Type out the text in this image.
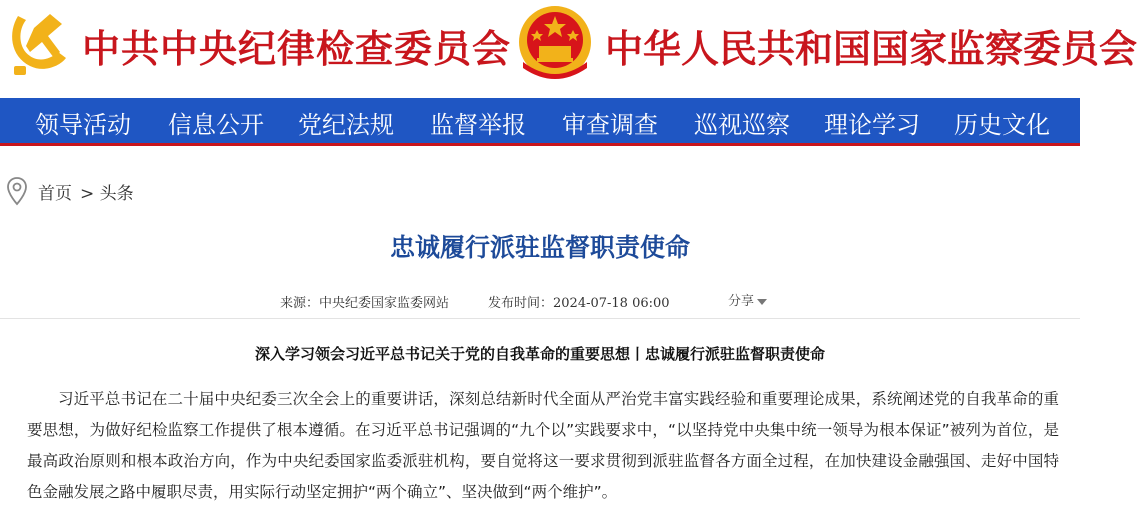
中共中央纪律检查委员会 中华人民共和国国家监察委员会
领导活动 信息公开 党纪法规 监督举报 审查调查 巡视巡察 理论学习 历史文化
首页 > 头条
忠诚履行派驻监督职责使命
来源：中央纪委国家监委网站	发布时间：2024-07-18 06:00	分享
深入学习领会习近平总书记关于党的自我革命的重要思想丨忠诚履行派驻监督职责使命

习近平总书记在二十届中央纪委三次全会上的重要讲话，深刻总结新时代全面从严治党丰富实践经验和重要理论成果，系统阐述党的自我革命的重要思想，为做好纪检监察工作提供了根本遵循。在习近平总书记强调的“九个以”实践要求中，“以坚持党中央集中统一领导为根本保证”被列为首位，是最高政治原则和根本政治方向，作为中央纪委国家监委派驻机构，要自觉将这一要求贯彻到派驻监督各方面全过程，在加快建设金融强国、走好中国特色金融发展之路中履职尽责，用实际行动坚定拥护“两个确立”、坚决做到“两个维护”。
